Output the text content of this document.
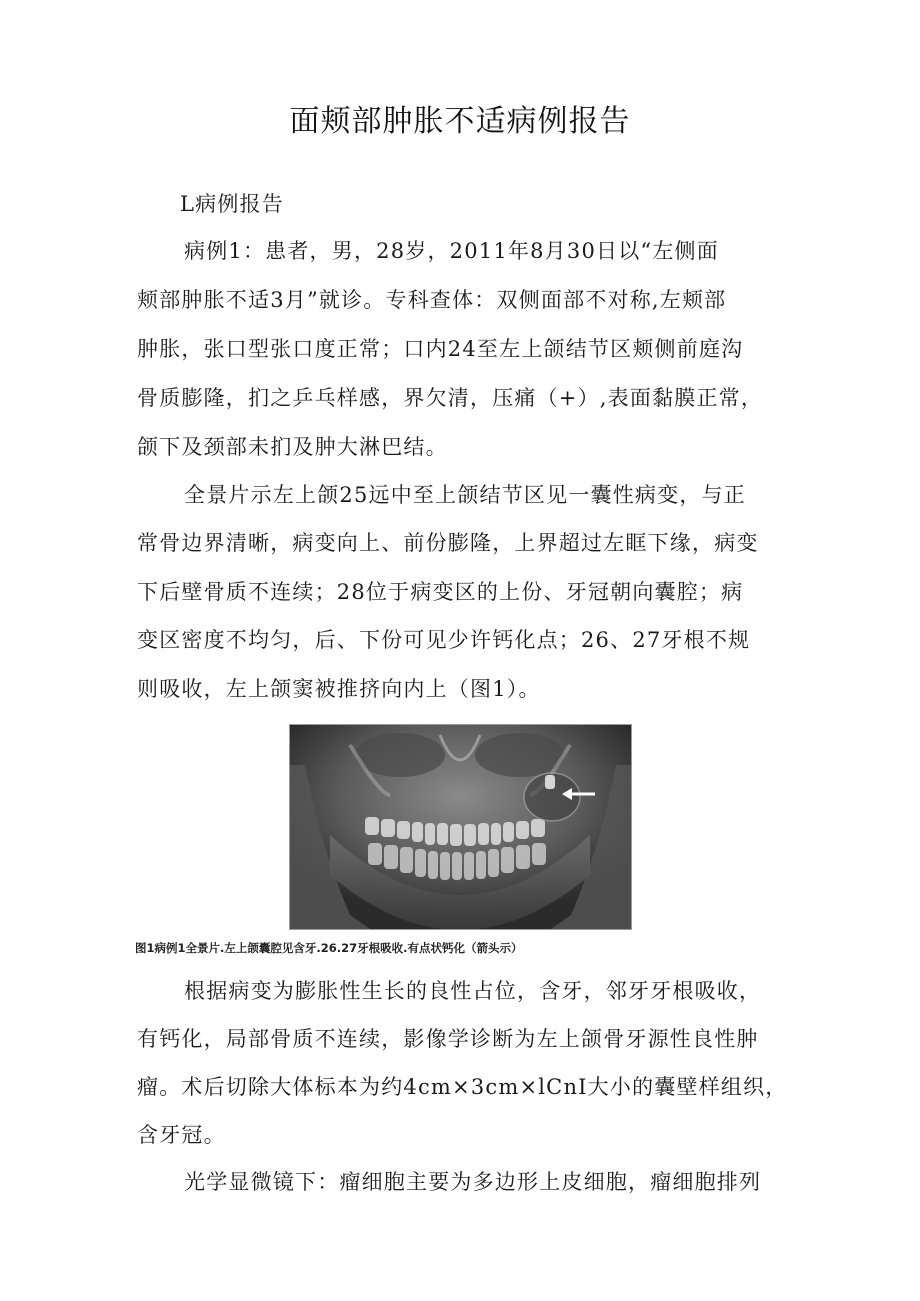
面颊部肿胀不适病例报告
L病例报告
病例1：患者，男，28岁，2011年8月30日以“左侧面
颊部肿胀不适3月”就诊。专科查体：双侧面部不对称,左颊部
肿胀，张口型张口度正常；口内24至左上颌结节区颊侧前庭沟
骨质膨隆，扪之乒乓样感，界欠清，压痛（+）,表面黏膜正常，
颌下及颈部未扪及肿大淋巴结。
全景片示左上颌25远中至上颌结节区见一囊性病变，与正
常骨边界清晰，病变向上、前份膨隆，上界超过左眶下缘，病变
下后壁骨质不连续；28位于病变区的上份、牙冠朝向囊腔；病
变区密度不均匀，后、下份可见少许钙化点；26、27牙根不规
则吸收，左上颌窦被推挤向内上（图1）。
图1病例1全景片.左上颌囊腔见含牙.26.27牙根吸收.有点状钙化（箭头示）
根据病变为膨胀性生长的良性占位，含牙，邻牙牙根吸收，
有钙化，局部骨质不连续，影像学诊断为左上颌骨牙源性良性肿
瘤。术后切除大体标本为约4cm×3cm×lCnI大小的囊壁样组织，
含牙冠。
光学显微镜下：瘤细胞主要为多边形上皮细胞，瘤细胞排列
